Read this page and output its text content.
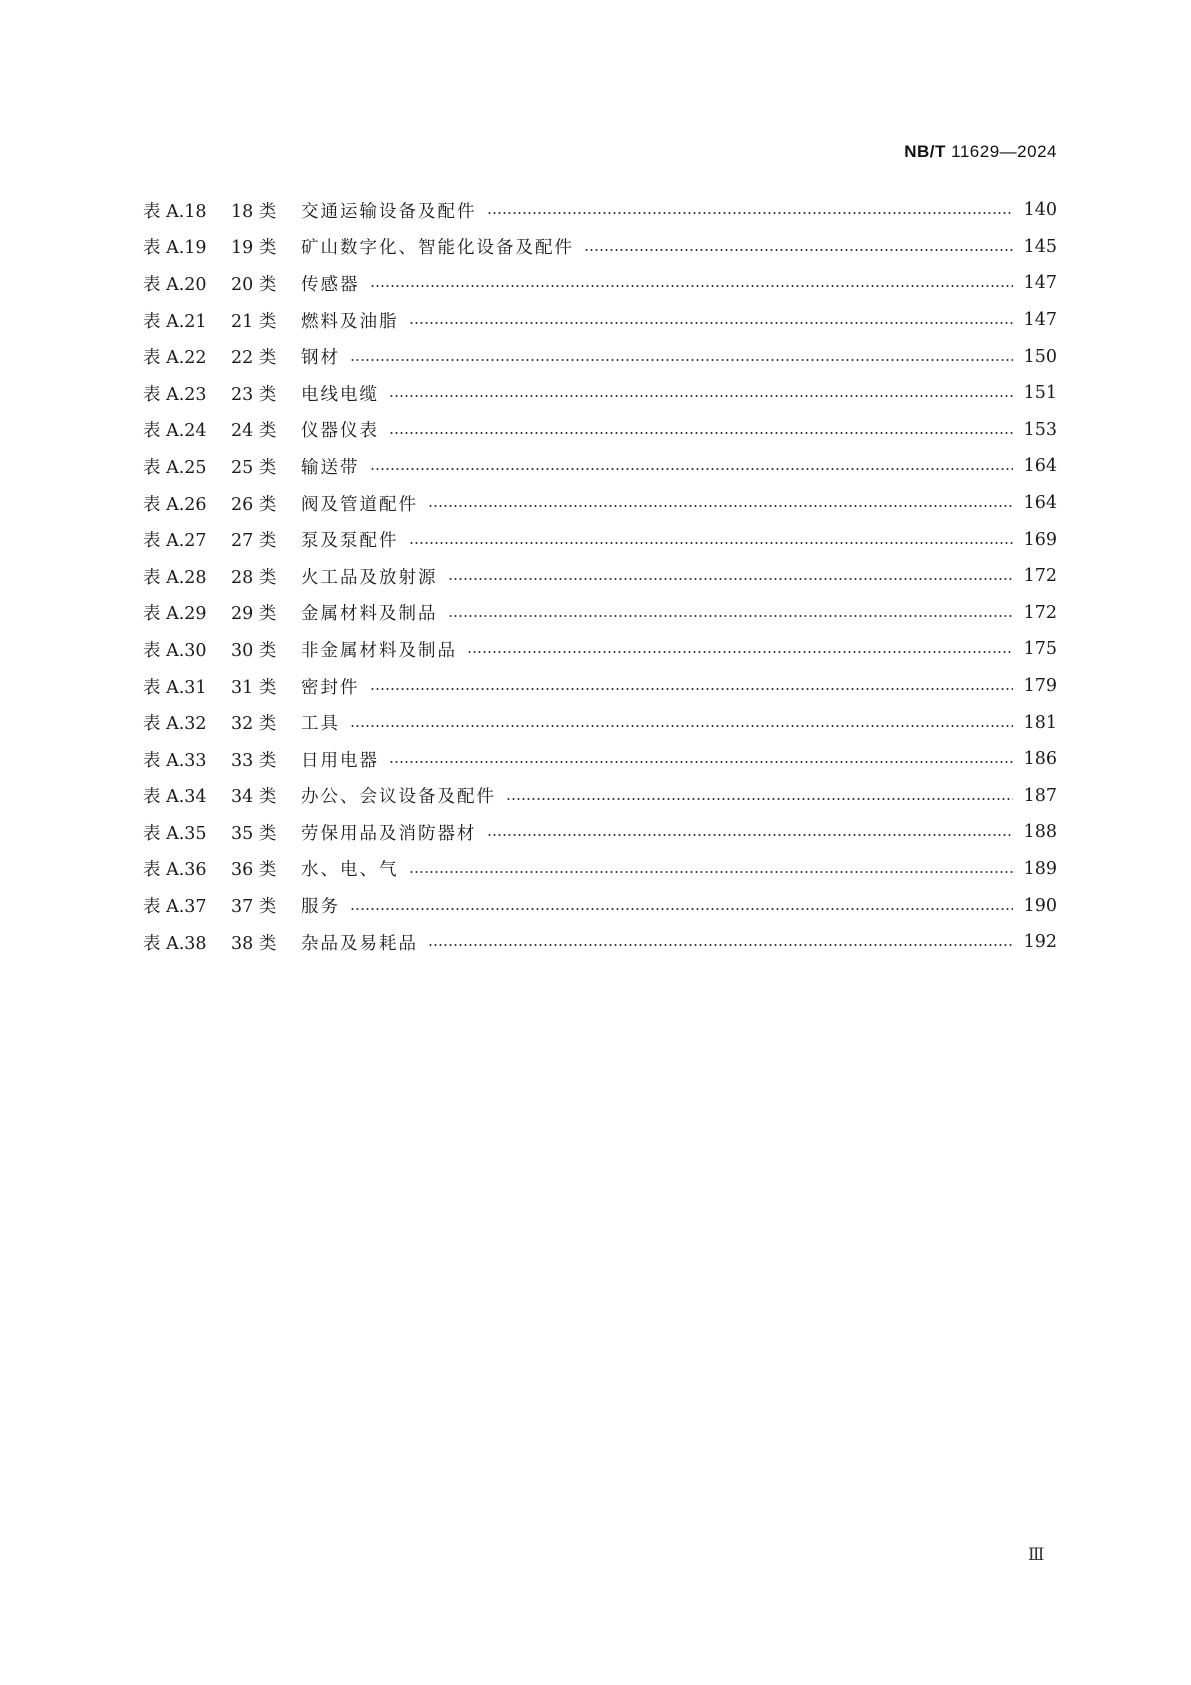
NB/T 11629—2024
表 A.18	18 类	交通运输设备及配件	140
表 A.19	19 类	矿山数字化、智能化设备及配件	145
表 A.20	20 类	传感器	147
表 A.21	21 类	燃料及油脂	147
表 A.22	22 类	钢材	150
表 A.23	23 类	电线电缆	151
表 A.24	24 类	仪器仪表	153
表 A.25	25 类	输送带	164
表 A.26	26 类	阀及管道配件	164
表 A.27	27 类	泵及泵配件	169
表 A.28	28 类	火工品及放射源	172
表 A.29	29 类	金属材料及制品	172
表 A.30	30 类	非金属材料及制品	175
表 A.31	31 类	密封件	179
表 A.32	32 类	工具	181
表 A.33	33 类	日用电器	186
表 A.34	34 类	办公、会议设备及配件	187
表 A.35	35 类	劳保用品及消防器材	188
表 A.36	36 类	水、电、气	189
表 A.37	37 类	服务	190
表 A.38	38 类	杂品及易耗品	192
Ⅲ
